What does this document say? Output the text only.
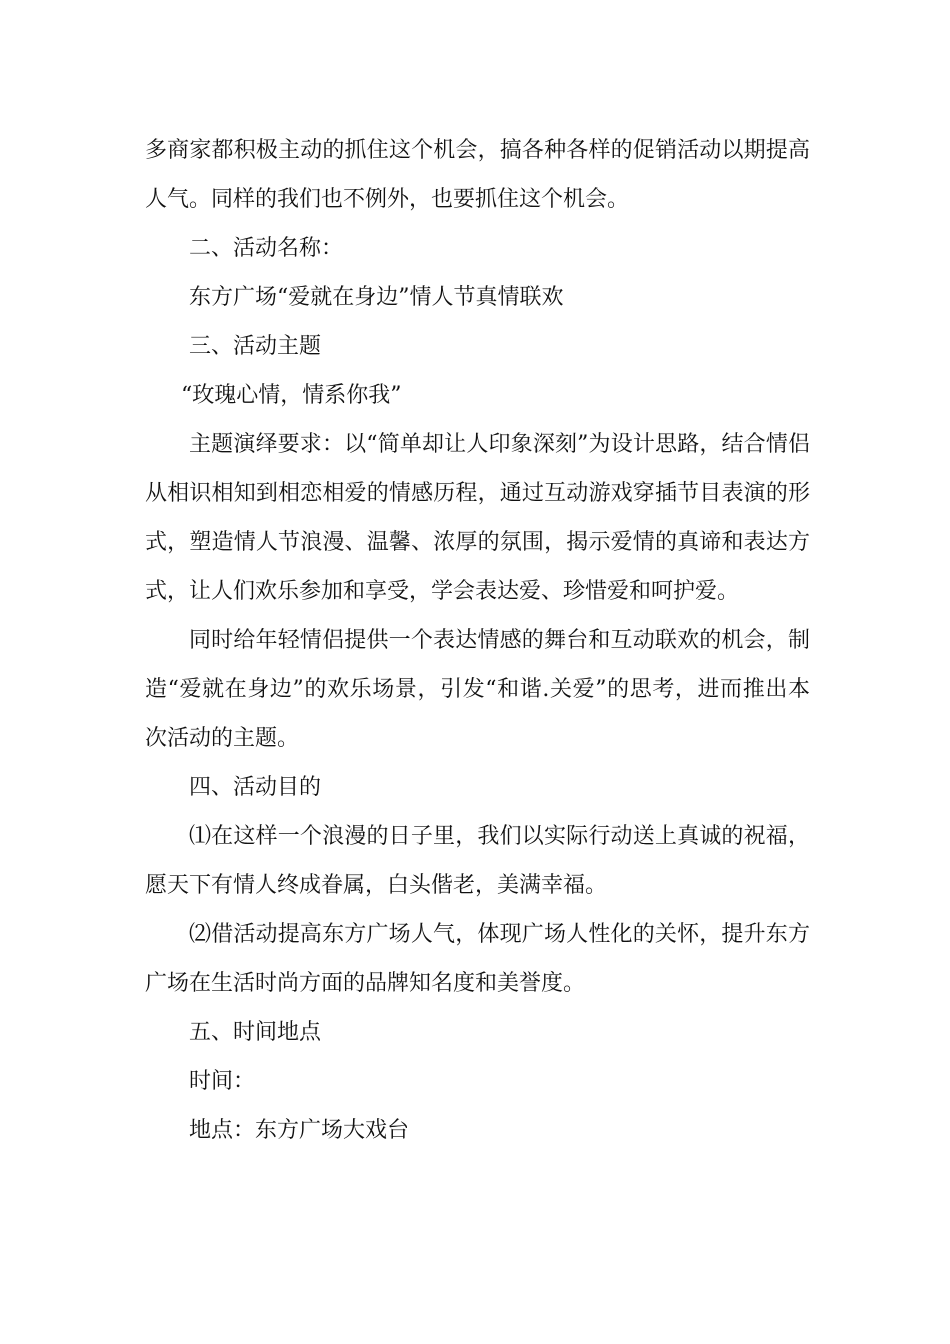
多商家都积极主动的抓住这个机会，搞各种各样的促销活动以期提高人气。同样的我们也不例外，也要抓住这个机会。

二、活动名称：

东方广场“爱就在身边”情人节真情联欢

三、活动主题

“玫瑰心情，情系你我”

主题演绎要求：以“简单却让人印象深刻”为设计思路，结合情侣从相识相知到相恋相爱的情感历程，通过互动游戏穿插节目表演的形式，塑造情人节浪漫、温馨、浓厚的氛围，揭示爱情的真谛和表达方式，让人们欢乐参加和享受，学会表达爱、珍惜爱和呵护爱。

同时给年轻情侣提供一个表达情感的舞台和互动联欢的机会，制造“爱就在身边”的欢乐场景，引发“和谐.关爱”的思考，进而推出本次活动的主题。

四、活动目的

⑴在这样一个浪漫的日子里，我们以实际行动送上真诚的祝福，愿天下有情人终成眷属，白头偕老，美满幸福。

⑵借活动提高东方广场人气，体现广场人性化的关怀，提升东方广场在生活时尚方面的品牌知名度和美誉度。

五、时间地点

时间：

地点：东方广场大戏台
